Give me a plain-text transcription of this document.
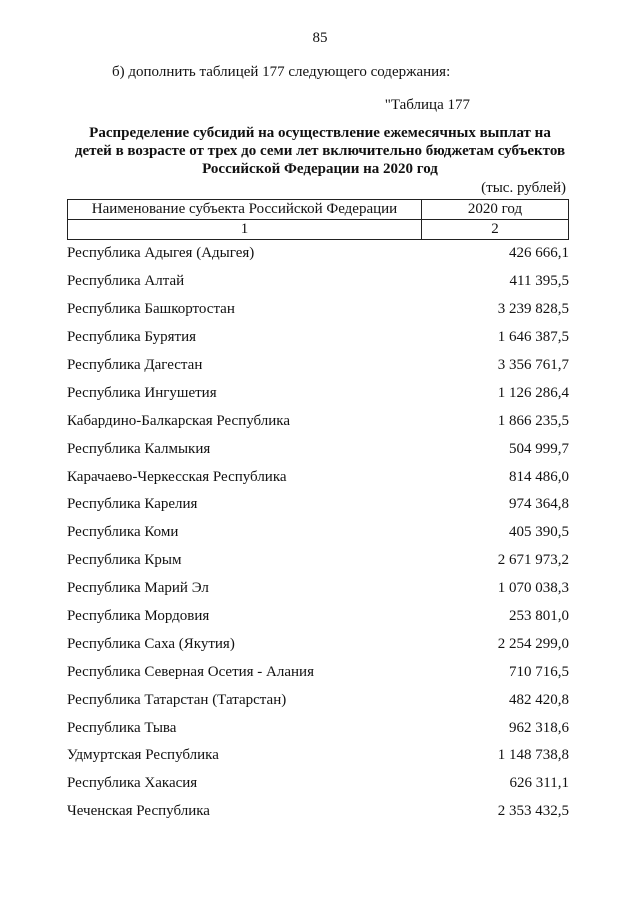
85
б) дополнить таблицей 177 следующего содержания:
"Таблица 177
Распределение субсидий на осуществление ежемесячных выплат на
детей в возрасте от трех до семи лет включительно бюджетам субъектов
Российской Федерации на 2020 год
(тыс. рублей)
Наименование субъекта Российской Федерации	2020 год
1	2
Республика Адыгея (Адыгея)	426 666,1
Республика Алтай	411 395,5
Республика Башкортостан	3 239 828,5
Республика Бурятия	1 646 387,5
Республика Дагестан	3 356 761,7
Республика Ингушетия	1 126 286,4
Кабардино-Балкарская Республика	1 866 235,5
Республика Калмыкия	504 999,7
Карачаево-Черкесская Республика	814 486,0
Республика Карелия	974 364,8
Республика Коми	405 390,5
Республика Крым	2 671 973,2
Республика Марий Эл	1 070 038,3
Республика Мордовия	253 801,0
Республика Саха (Якутия)	2 254 299,0
Республика Северная Осетия - Алания	710 716,5
Республика Татарстан (Татарстан)	482 420,8
Республика Тыва	962 318,6
Удмуртская Республика	1 148 738,8
Республика Хакасия	626 311,1
Чеченская Республика	2 353 432,5
